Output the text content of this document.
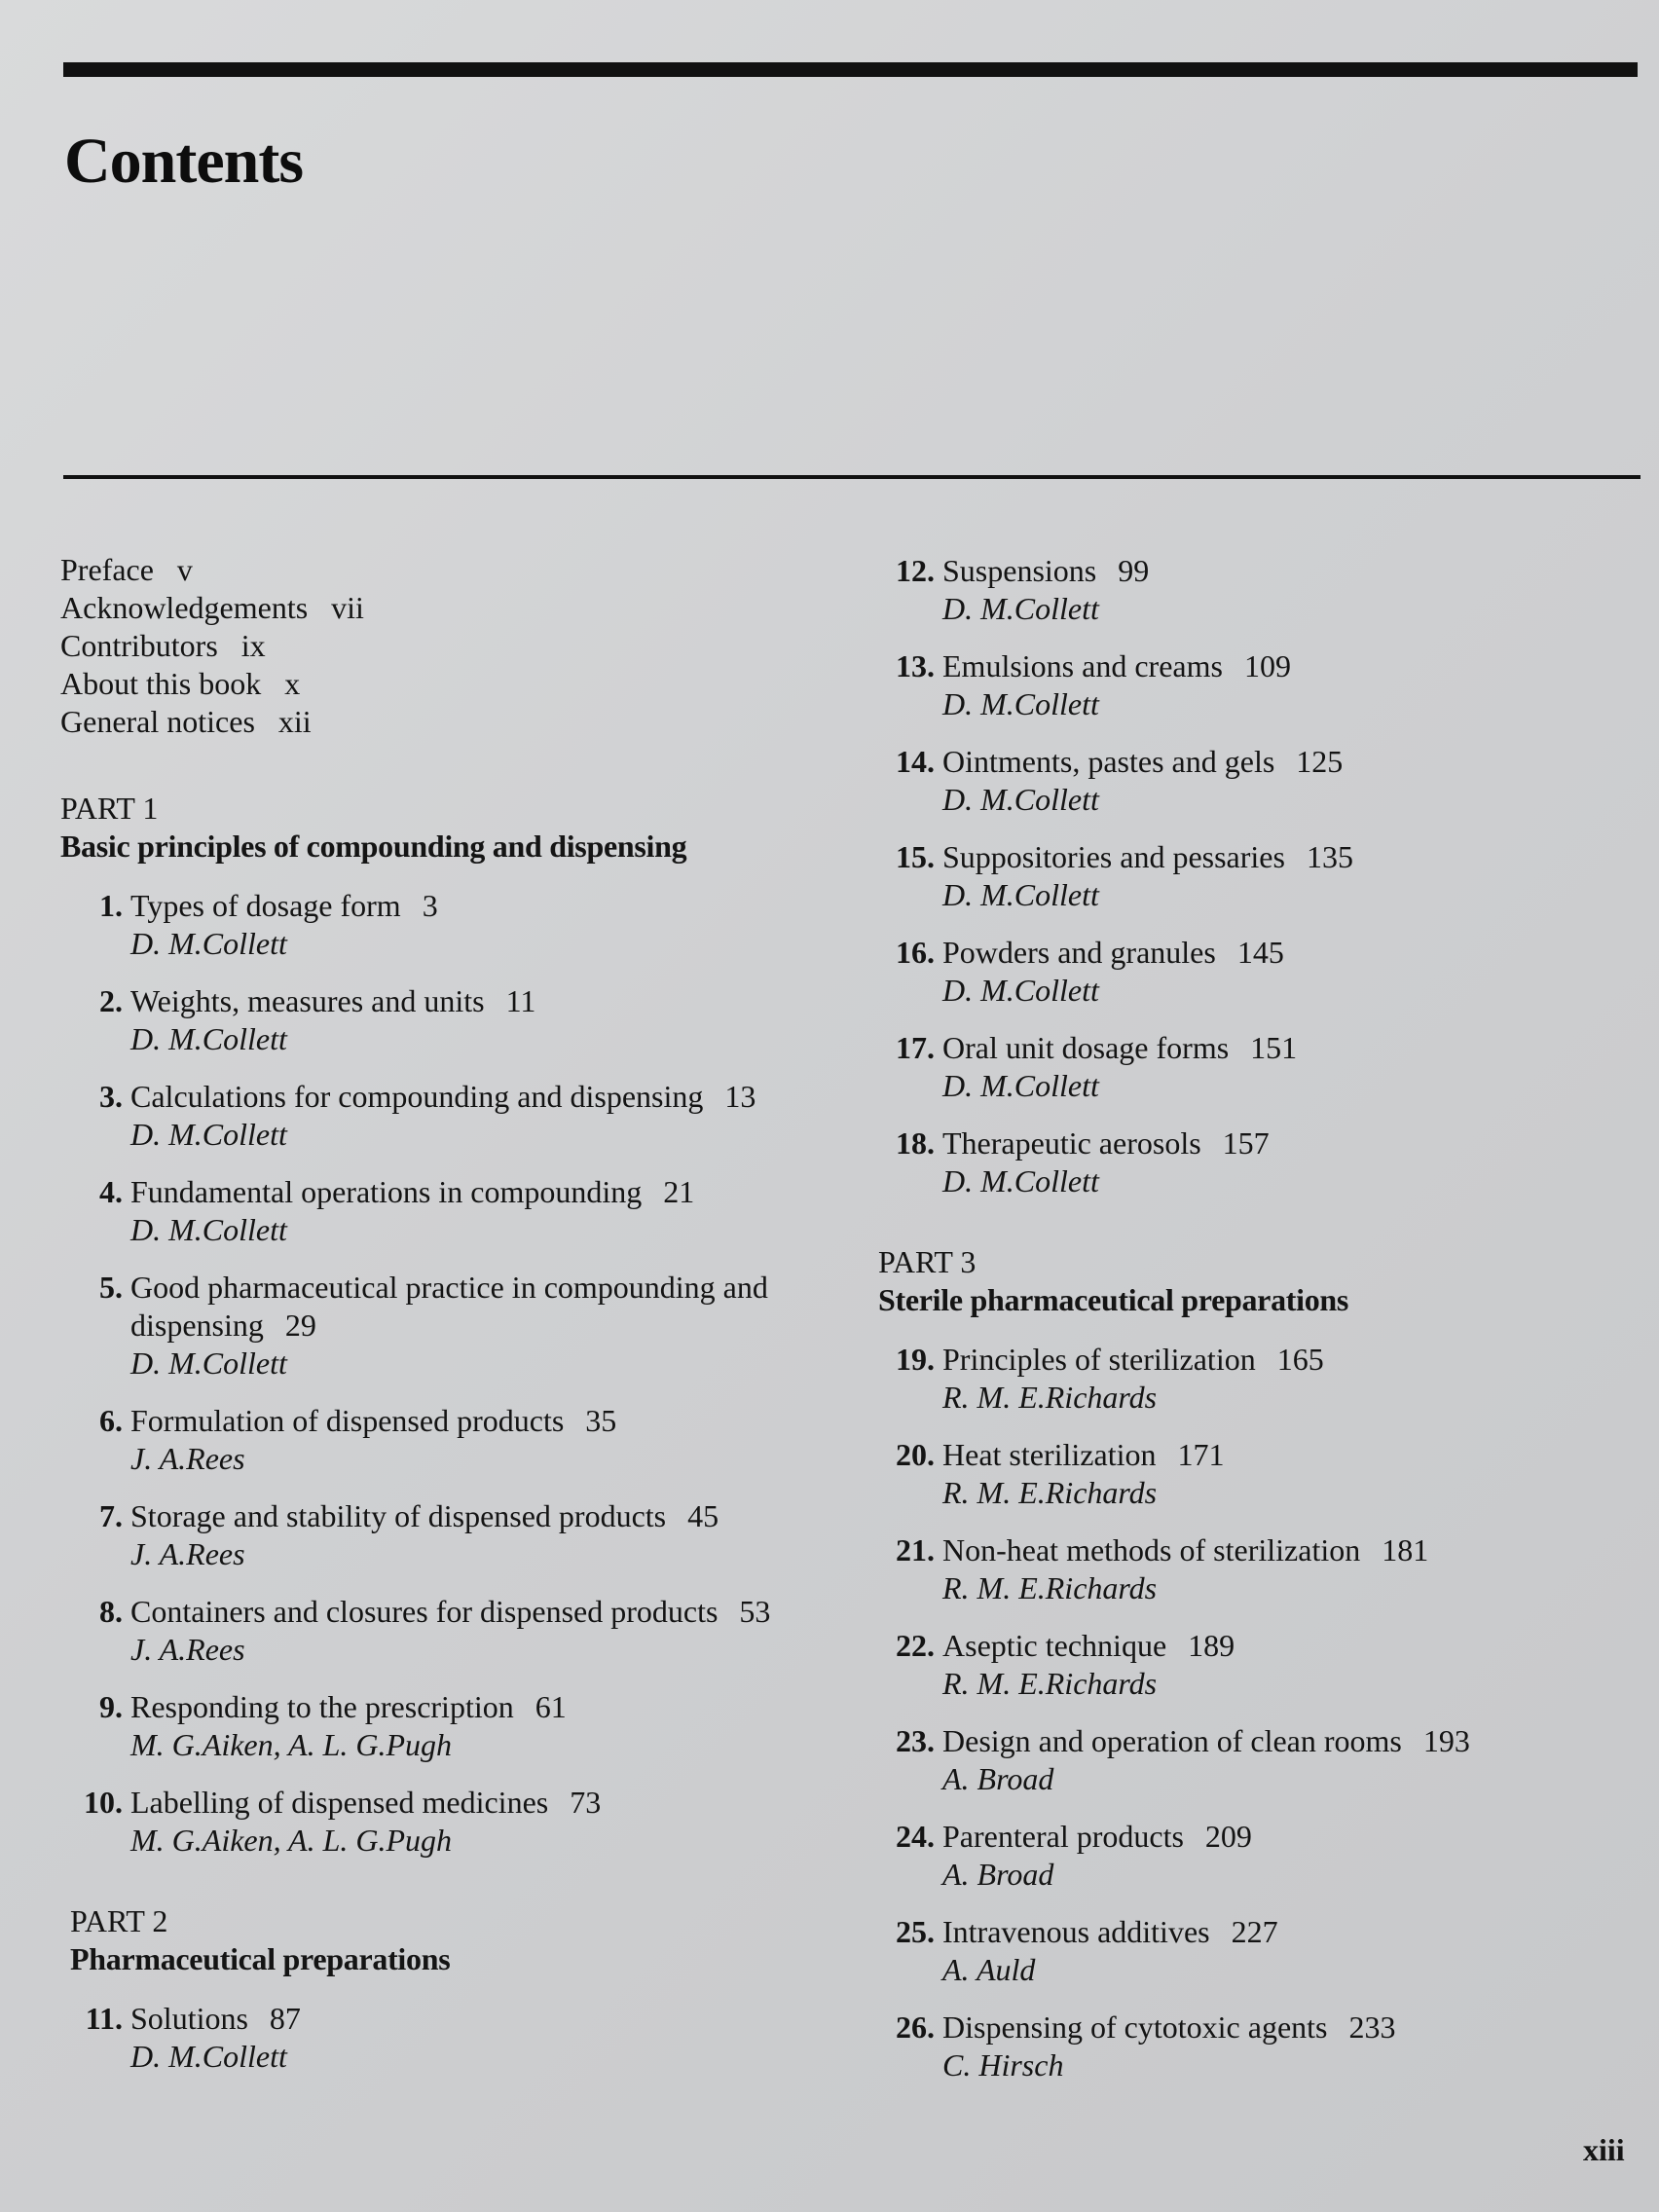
Contents
Preface   v
Acknowledgements   vii
Contributors   ix
About this book   x
General notices   xii
PART 1
Basic principles of compounding and dispensing
1. Types of dosage form 3
D. M.Collett
2. Weights, measures and units 11
D. M.Collett
3. Calculations for compounding and dispensing 13
D. M.Collett
4. Fundamental operations in compounding 21
D. M.Collett
5. Good pharmaceutical practice in compounding and dispensing 29
D. M.Collett
6. Formulation of dispensed products 35
J. A.Rees
7. Storage and stability of dispensed products 45
J. A.Rees
8. Containers and closures for dispensed products 53
J. A.Rees
9. Responding to the prescription 61
M. G.Aiken, A. L. G.Pugh
10. Labelling of dispensed medicines 73
M. G.Aiken, A. L. G.Pugh
PART 2
Pharmaceutical preparations
11. Solutions 87
D. M.Collett
12. Suspensions 99
D. M.Collett
13. Emulsions and creams 109
D. M.Collett
14. Ointments, pastes and gels 125
D. M.Collett
15. Suppositories and pessaries 135
D. M.Collett
16. Powders and granules 145
D. M.Collett
17. Oral unit dosage forms 151
D. M.Collett
18. Therapeutic aerosols 157
D. M.Collett
PART 3
Sterile pharmaceutical preparations
19. Principles of sterilization 165
R. M. E.Richards
20. Heat sterilization 171
R. M. E.Richards
21. Non-heat methods of sterilization 181
R. M. E.Richards
22. Aseptic technique 189
R. M. E.Richards
23. Design and operation of clean rooms 193
A. Broad
24. Parenteral products 209
A. Broad
25. Intravenous additives 227
A. Auld
26. Dispensing of cytotoxic agents 233
C. Hirsch
xiii
